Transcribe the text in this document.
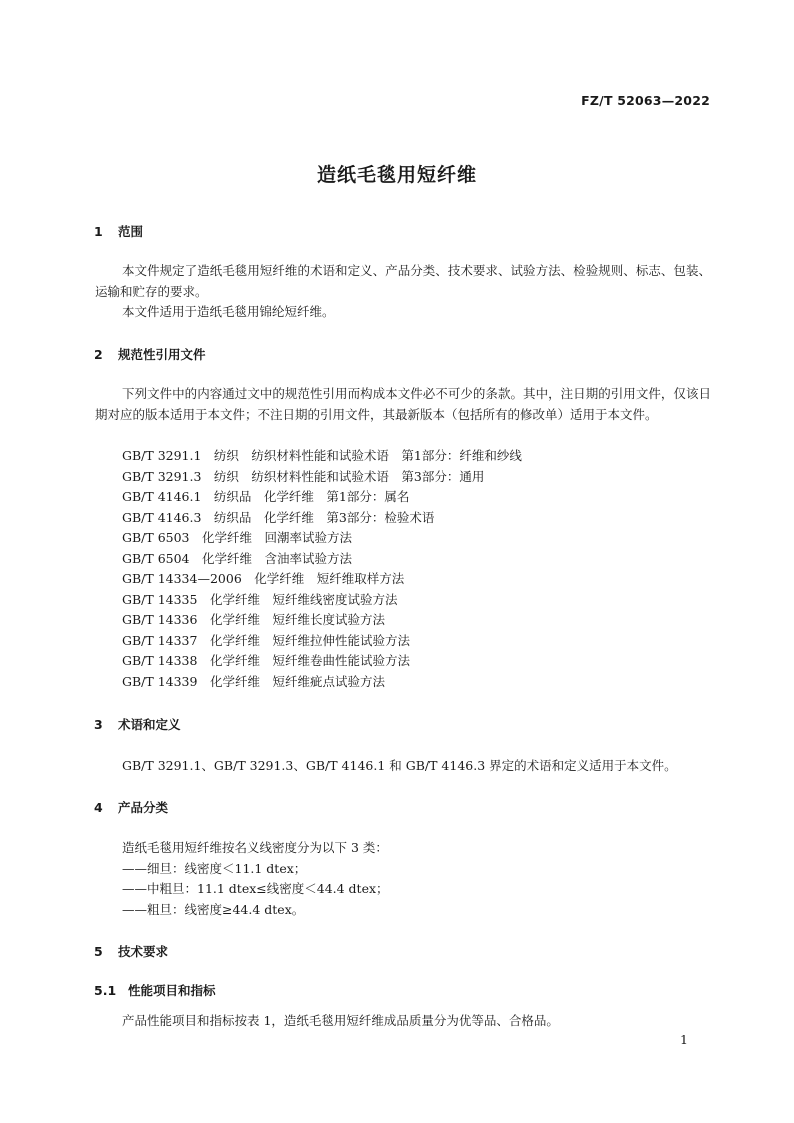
FZ/T 52063—2022
造纸毛毯用短纤维
1 范围
本文件规定了造纸毛毯用短纤维的术语和定义、产品分类、技术要求、试验方法、检验规则、标志、包装、运输和贮存的要求。
本文件适用于造纸毛毯用锦纶短纤维。
2 规范性引用文件
下列文件中的内容通过文中的规范性引用而构成本文件必不可少的条款。其中，注日期的引用文件，仅该日期对应的版本适用于本文件；不注日期的引用文件，其最新版本（包括所有的修改单）适用于本文件。
GB/T 3291.1　纺织　纺织材料性能和试验术语　第1部分：纤维和纱线
GB/T 3291.3　纺织　纺织材料性能和试验术语　第3部分：通用
GB/T 4146.1　纺织品　化学纤维　第1部分：属名
GB/T 4146.3　纺织品　化学纤维　第3部分：检验术语
GB/T 6503　化学纤维　回潮率试验方法
GB/T 6504　化学纤维　含油率试验方法
GB/T 14334—2006　化学纤维　短纤维取样方法
GB/T 14335　化学纤维　短纤维线密度试验方法
GB/T 14336　化学纤维　短纤维长度试验方法
GB/T 14337　化学纤维　短纤维拉伸性能试验方法
GB/T 14338　化学纤维　短纤维卷曲性能试验方法
GB/T 14339　化学纤维　短纤维疵点试验方法
3 术语和定义
GB/T 3291.1、GB/T 3291.3、GB/T 4146.1 和 GB/T 4146.3 界定的术语和定义适用于本文件。
4 产品分类
造纸毛毯用短纤维按名义线密度分为以下 3 类：
——细旦：线密度＜11.1 dtex；
——中粗旦：11.1 dtex≤线密度＜44.4 dtex；
——粗旦：线密度≥44.4 dtex。
5 技术要求
5.1 性能项目和指标
产品性能项目和指标按表 1，造纸毛毯用短纤维成品质量分为优等品、合格品。
1
